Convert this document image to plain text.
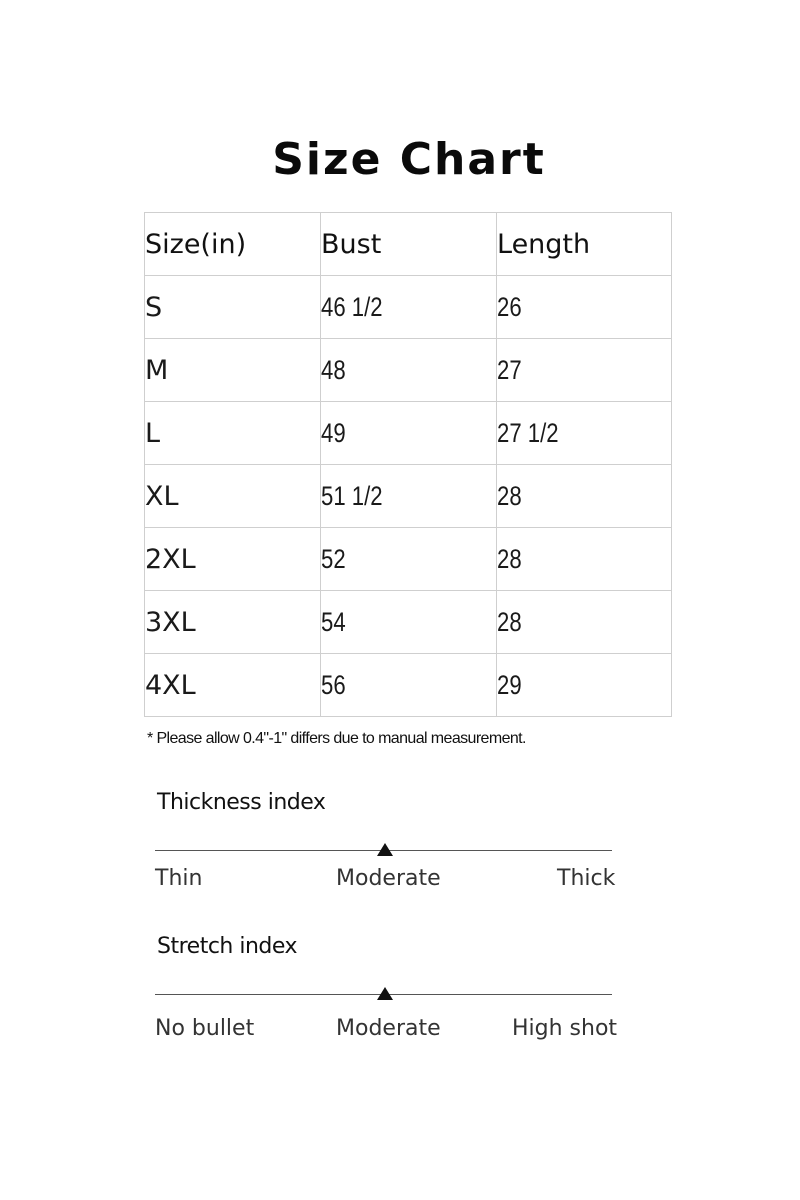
Size Chart
Size(in)	Bust	Length
S	46 1/2	26
M	48	27
L	49	27 1/2
XL	51 1/2	28
2XL	52	28
3XL	54	28
4XL	56	29
* Please allow 0.4"-1" differs due to manual measurement.
Thickness index
Thin	Moderate	Thick
Stretch index
No bullet	Moderate	High shot
